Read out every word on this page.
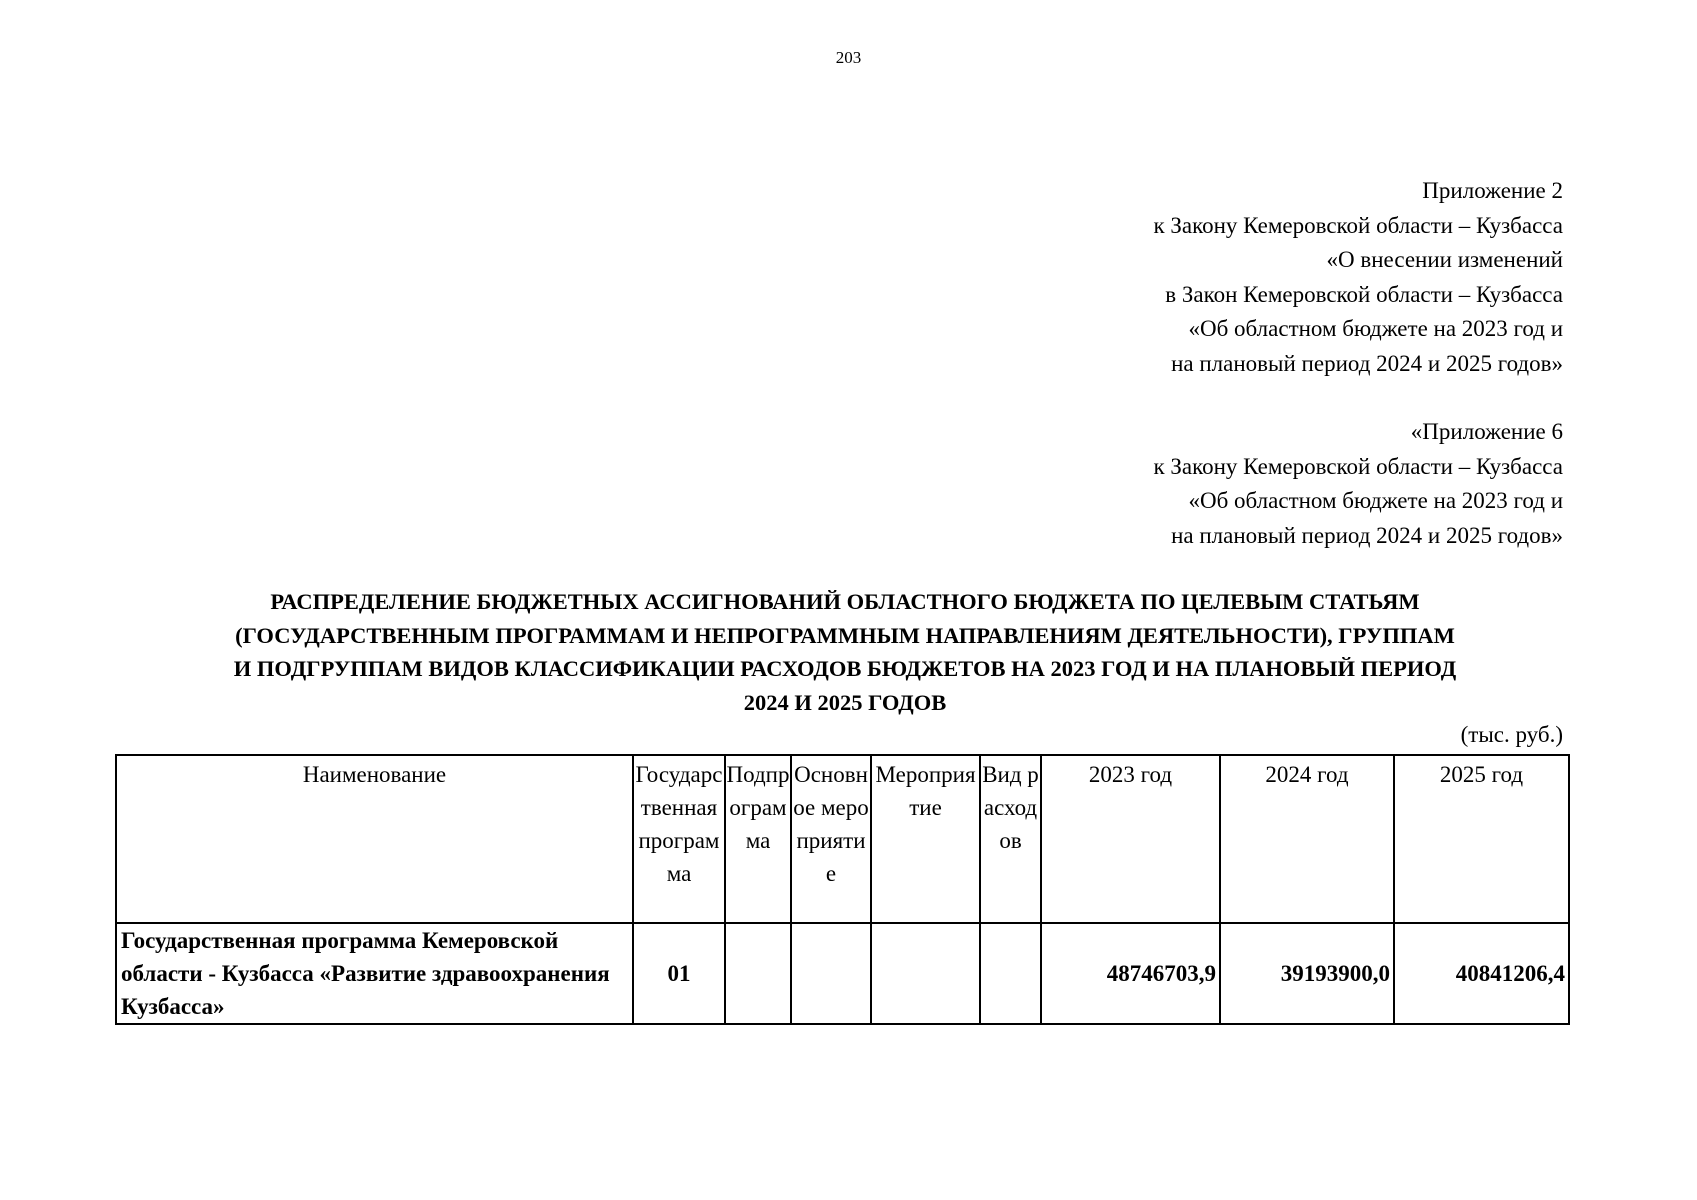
203
Приложение 2
к Закону Кемеровской области – Кузбасса
«О внесении изменений
в Закон Кемеровской области – Кузбасса
«Об областном бюджете на 2023 год и
на плановый период 2024 и 2025 годов»
«Приложение 6
к Закону Кемеровской области – Кузбасса
«Об областном бюджете на 2023 год и
на плановый период 2024 и 2025 годов»
РАСПРЕДЕЛЕНИЕ БЮДЖЕТНЫХ АССИГНОВАНИЙ ОБЛАСТНОГО БЮДЖЕТА ПО ЦЕЛЕВЫМ СТАТЬЯМ
(ГОСУДАРСТВЕННЫМ ПРОГРАММАМ И НЕПРОГРАММНЫМ НАПРАВЛЕНИЯМ ДЕЯТЕЛЬНОСТИ), ГРУППАМ
И ПОДГРУППАМ ВИДОВ КЛАССИФИКАЦИИ РАСХОДОВ БЮДЖЕТОВ НА 2023 ГОД И НА ПЛАНОВЫЙ ПЕРИОД
2024 И 2025 ГОДОВ
(тыс. руб.)
Наименование	Государственная программа	Подпрограмма	Основное мероприятие	Мероприятие	Вид расходов	2023 год	2024 год	2025 год
Государственная программа Кемеровской области - Кузбасса «Развитие здравоохранения Кузбасса»	01					48746703,9	39193900,0	40841206,4
